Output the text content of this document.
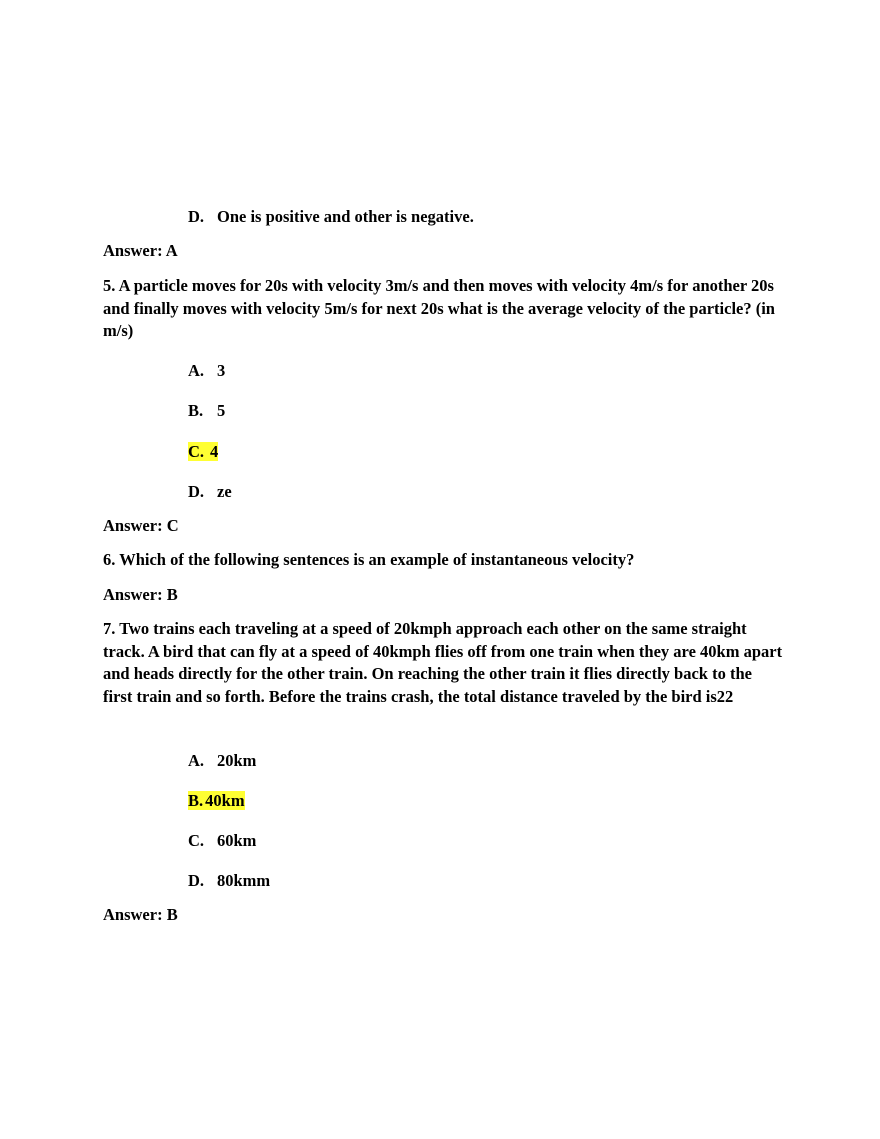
D. One is positive and other is negative.
Answer: A
5. A particle moves for 20s with velocity 3m/s and then moves with velocity 4m/s for another 20s and finally moves with velocity 5m/s for next 20s what is the average velocity of the particle? (in m/s)
A. 3
B. 5
C. 4
D. ze
Answer: C
6. Which of the following sentences is an example of instantaneous velocity?
Answer: B
7. Two trains each traveling at a speed of 20kmph approach each other on the same straight track. A bird that can fly at a speed of 40kmph flies off from one train when they are 40km apart and heads directly for the other train. On reaching the other train it flies directly back to the first train and so forth. Before the trains crash, the total distance traveled by the bird is22
A. 20km
B. 40km
C. 60km
D. 80kmm
Answer: B
